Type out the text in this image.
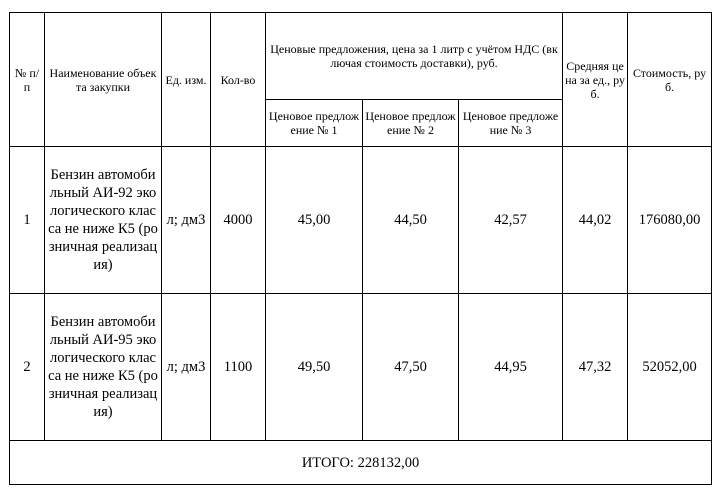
№ п/п	Наименование объекта закупки	Ед. изм.	Кол-во	Ценовые предложения, цена за 1 литр с учётом НДС (включая стоимость доставки), руб.			Средняя цена за ед., руб.	Стоимость, руб.
				Ценовое предложение № 1	Ценовое предложение № 2	Ценовое предложение № 3		
1	Бензин автомобильный АИ-92 экологического класса не ниже К5 (розничная реализация)	л; дм3	4000	45,00	44,50	42,57	44,02	176080,00
2	Бензин автомобильный АИ-95 экологического класса не ниже К5 (розничная реализация)	л; дм3	1100	49,50	47,50	44,95	47,32	52052,00
ИТОГО: 228132,00								
